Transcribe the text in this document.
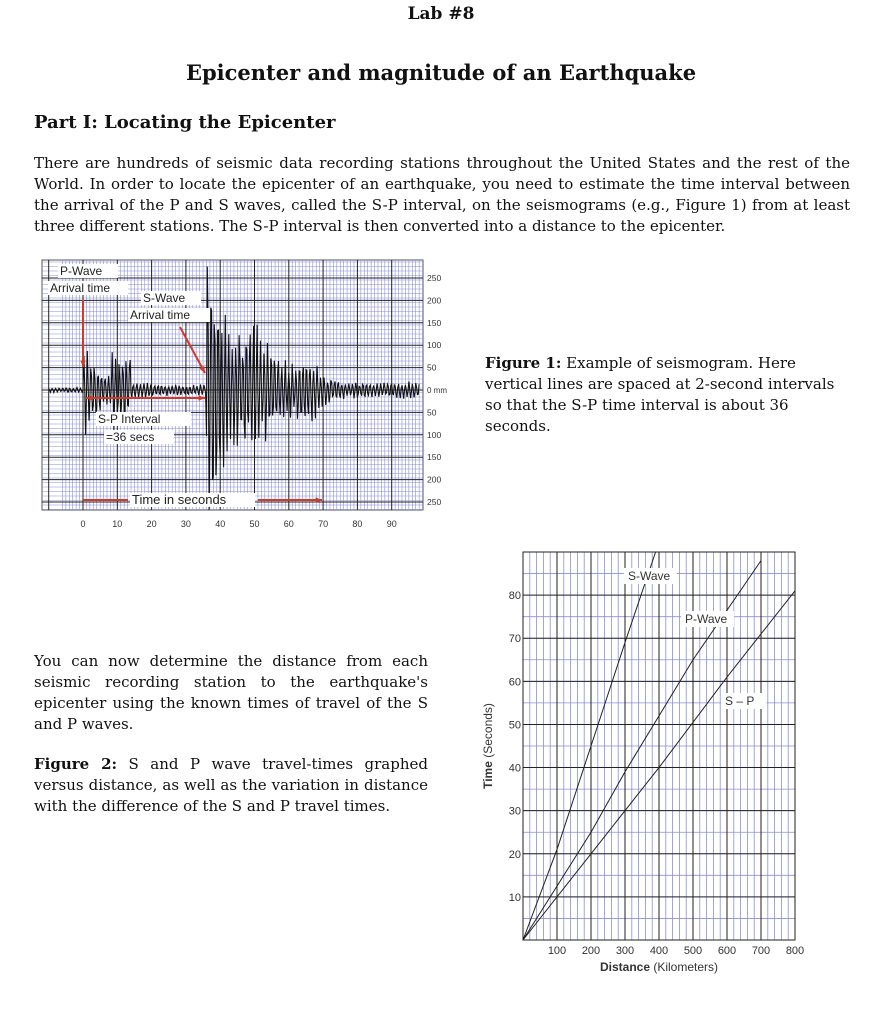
Lab #8
Epicenter and magnitude of an Earthquake
Part I: Locating the Epicenter
There are hundreds of seismic data recording stations throughout the United States and the rest of the World. In order to locate the epicenter of an earthquake, you need to estimate the time interval between the arrival of the P and S waves, called the S-P interval, on the seismograms (e.g., Figure 1) from at least three different stations. The S-P interval is then converted into a distance to the epicenter.
0	10	20	30	40	50	60	70	80	90
250
200
150
100
50
0 mm
50
100
150
200
250
P-Wave
Arrival time
S-Wave
Arrival time
S-P Interval
=36 secs
Time in seconds
Figure 1: Example of seismogram. Here vertical lines are spaced at 2-second intervals so that the S-P time interval is about 36 seconds.
You can now determine the distance from each seismic recording station to the earthquake's epicenter using the known times of travel of the S and P waves.
Figure 2: S and P wave travel-times graphed versus distance, as well as the variation in distance with the difference of the S and P travel times.
100 200 300 400 500 600 700 800
10
20
30
40
50
60
70
80
Distance (Kilometers)
Time (Seconds)
S-Wave
P-Wave
S – P
